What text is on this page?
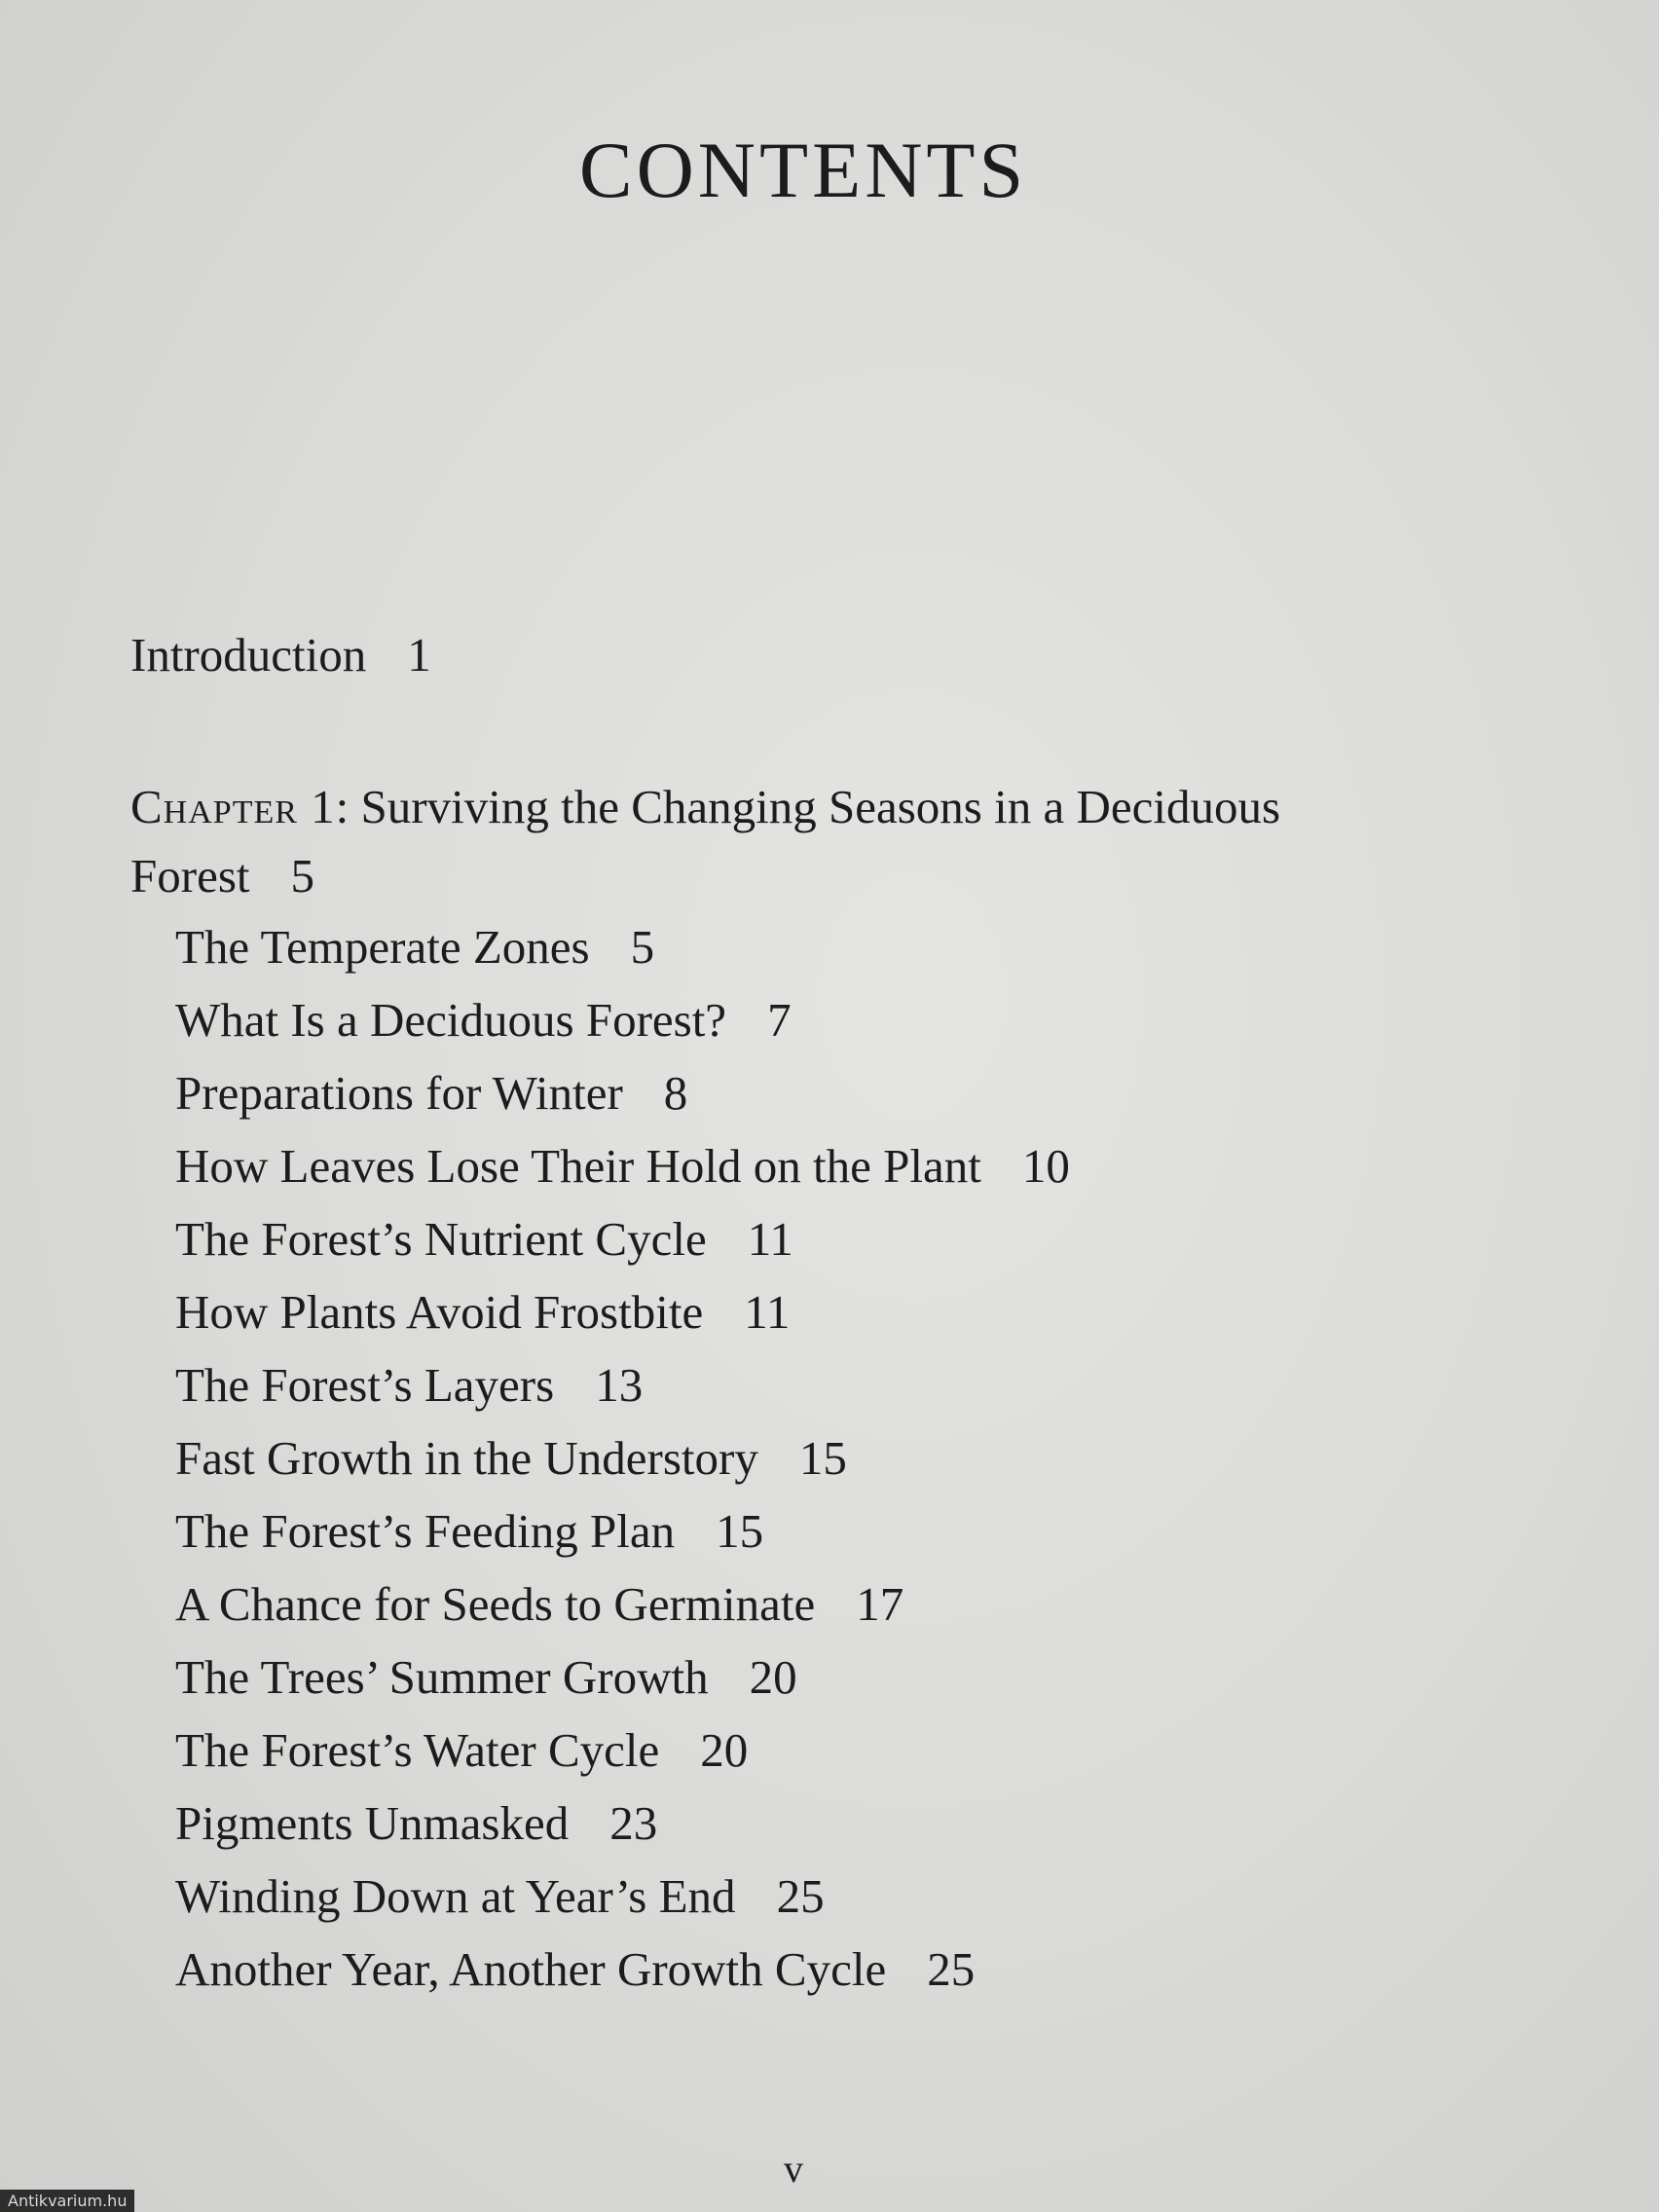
CONTENTS
Introduction 1
Chapter 1: Surviving the Changing Seasons in a Deciduous
Forest 5
The Temperate Zones 5
What Is a Deciduous Forest? 7
Preparations for Winter 8
How Leaves Lose Their Hold on the Plant 10
The Forest’s Nutrient Cycle 11
How Plants Avoid Frostbite 11
The Forest’s Layers 13
Fast Growth in the Understory 15
The Forest’s Feeding Plan 15
A Chance for Seeds to Germinate 17
The Trees’ Summer Growth 20
The Forest’s Water Cycle 20
Pigments Unmasked 23
Winding Down at Year’s End 25
Another Year, Another Growth Cycle 25
v
Antikvarium.hu
